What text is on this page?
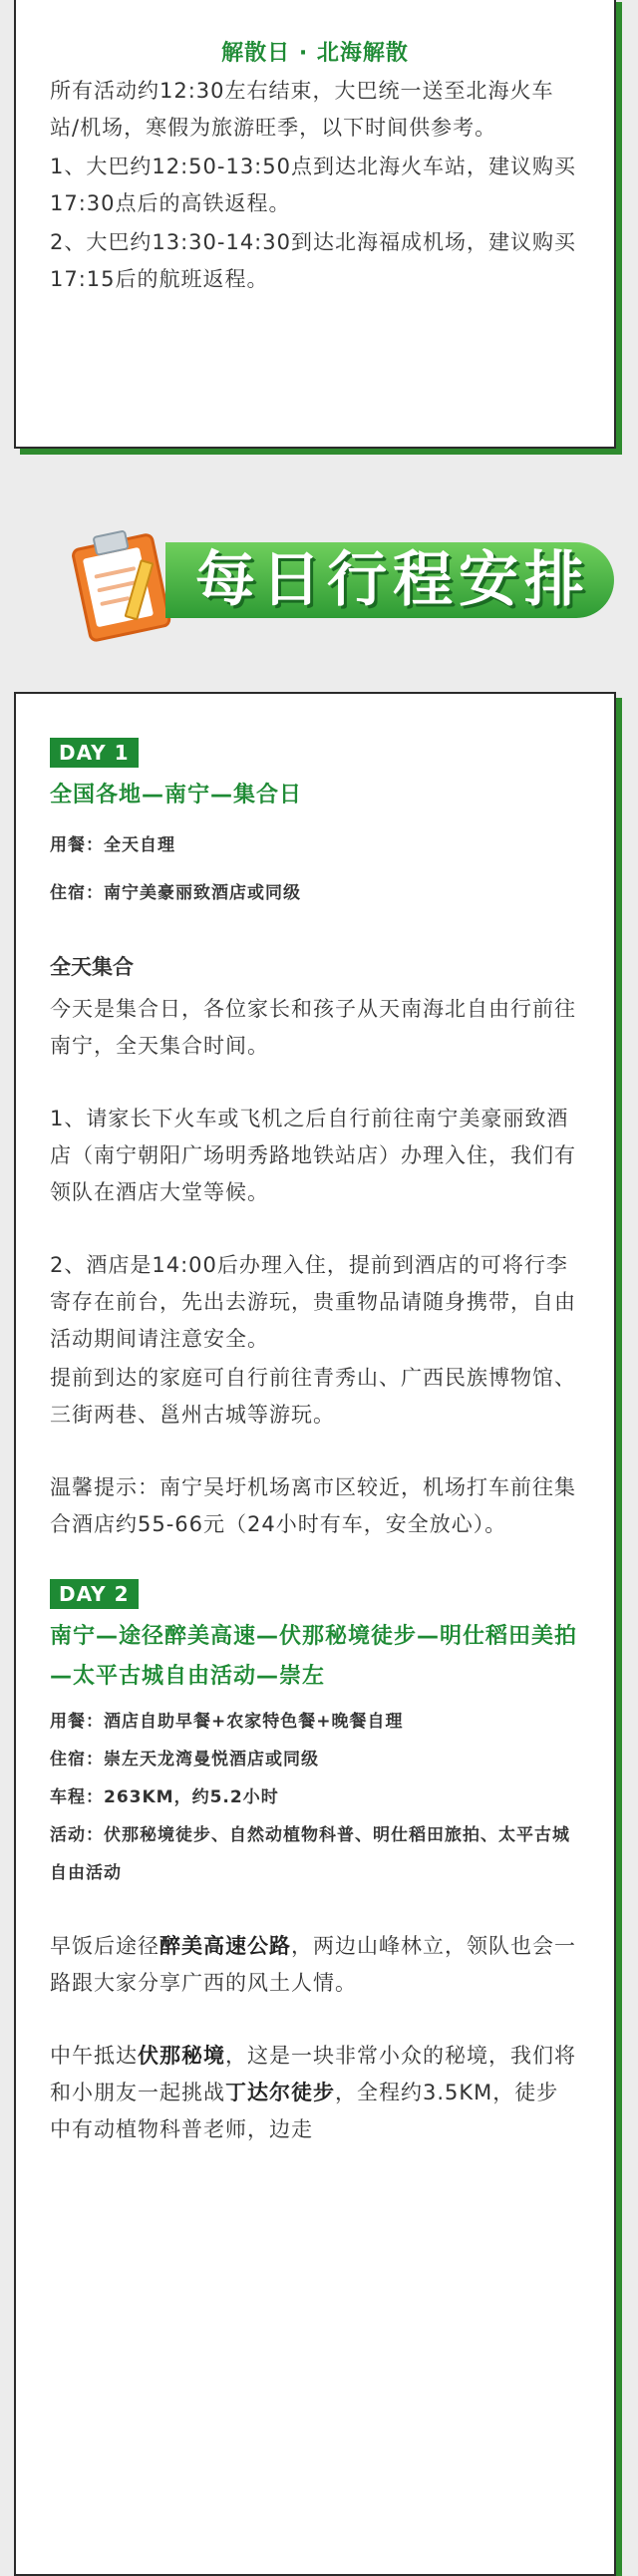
解散日 · 北海解散

所有活动约12:30左右结束，大巴统一送至北海火车站/机场，寒假为旅游旺季，以下时间供参考。

1、大巴约12:50-13:50点到达北海火车站，建议购买17:30点后的高铁返程。

2、大巴约13:30-14:30到达北海福成机场，建议购买17:15后的航班返程。

每日行程安排
DAY 1

全国各地—南宁—集合日

用餐：全天自理

住宿：南宁美豪丽致酒店或同级

全天集合

今天是集合日，各位家长和孩子从天南海北自由行前往南宁，全天集合时间。

1、请家长下火车或飞机之后自行前往南宁美豪丽致酒店（南宁朝阳广场明秀路地铁站店）办理入住，我们有领队在酒店大堂等候。

2、酒店是14:00后办理入住，提前到酒店的可将行李寄存在前台，先出去游玩，贵重物品请随身携带，自由活动期间请注意安全。

提前到达的家庭可自行前往青秀山、广西民族博物馆、三街两巷、邕州古城等游玩。

温馨提示：南宁吴圩机场离市区较近，机场打车前往集合酒店约55-66元（24小时有车，安全放心）。

DAY 2

南宁—途径醉美高速—伏那秘境徒步—明仕稻田美拍—太平古城自由活动—崇左

用餐：酒店自助早餐+农家特色餐+晚餐自理

住宿：崇左天龙湾曼悦酒店或同级

车程：263KM，约5.2小时

活动：伏那秘境徒步、自然动植物科普、明仕稻田旅拍、太平古城自由活动

早饭后途径醉美高速公路，两边山峰林立，领队也会一路跟大家分享广西的风土人情。

中午抵达伏那秘境，这是一块非常小众的秘境，我们将和小朋友一起挑战丁达尔徒步，全程约3.5KM，徒步中有动植物科普老师，边走
